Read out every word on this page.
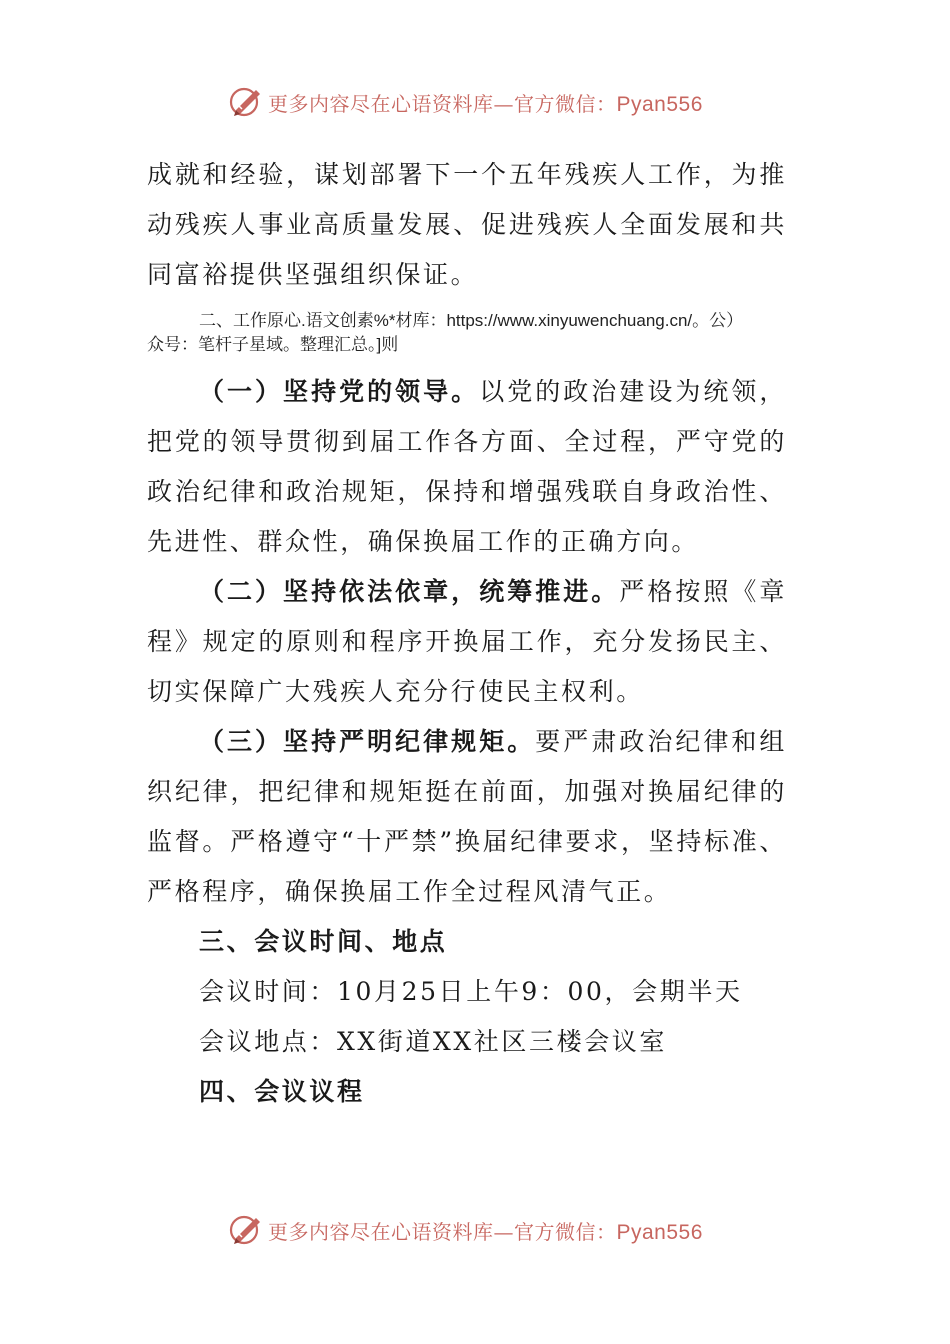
更多内容尽在心语资料库—官方微信：Pyan556

成就和经验，谋划部署下一个五年残疾人工作，为推动残疾人事业高质量发展、促进残疾人全面发展和共同富裕提供坚强组织保证。

二、工作原心.语文创素%*材库：https://www.xinyuwenchuang.cn/。公）
众号：笔杆子星域。整理汇总。]则

（一）坚持党的领导。以党的政治建设为统领，把党的领导贯彻到届工作各方面、全过程，严守党的政治纪律和政治规矩，保持和增强残联自身政治性、先进性、群众性，确保换届工作的正确方向。

（二）坚持依法依章，统筹推进。严格按照《章程》规定的原则和程序开换届工作，充分发扬民主、切实保障广大残疾人充分行使民主权利。

（三）坚持严明纪律规矩。要严肃政治纪律和组织纪律，把纪律和规矩挺在前面，加强对换届纪律的监督。严格遵守“十严禁”换届纪律要求，坚持标准、严格程序，确保换届工作全过程风清气正。

三、会议时间、地点

会议时间：10月25日上午9：00，会期半天

会议地点：XX街道XX社区三楼会议室

四、会议议程

更多内容尽在心语资料库—官方微信：Pyan556
